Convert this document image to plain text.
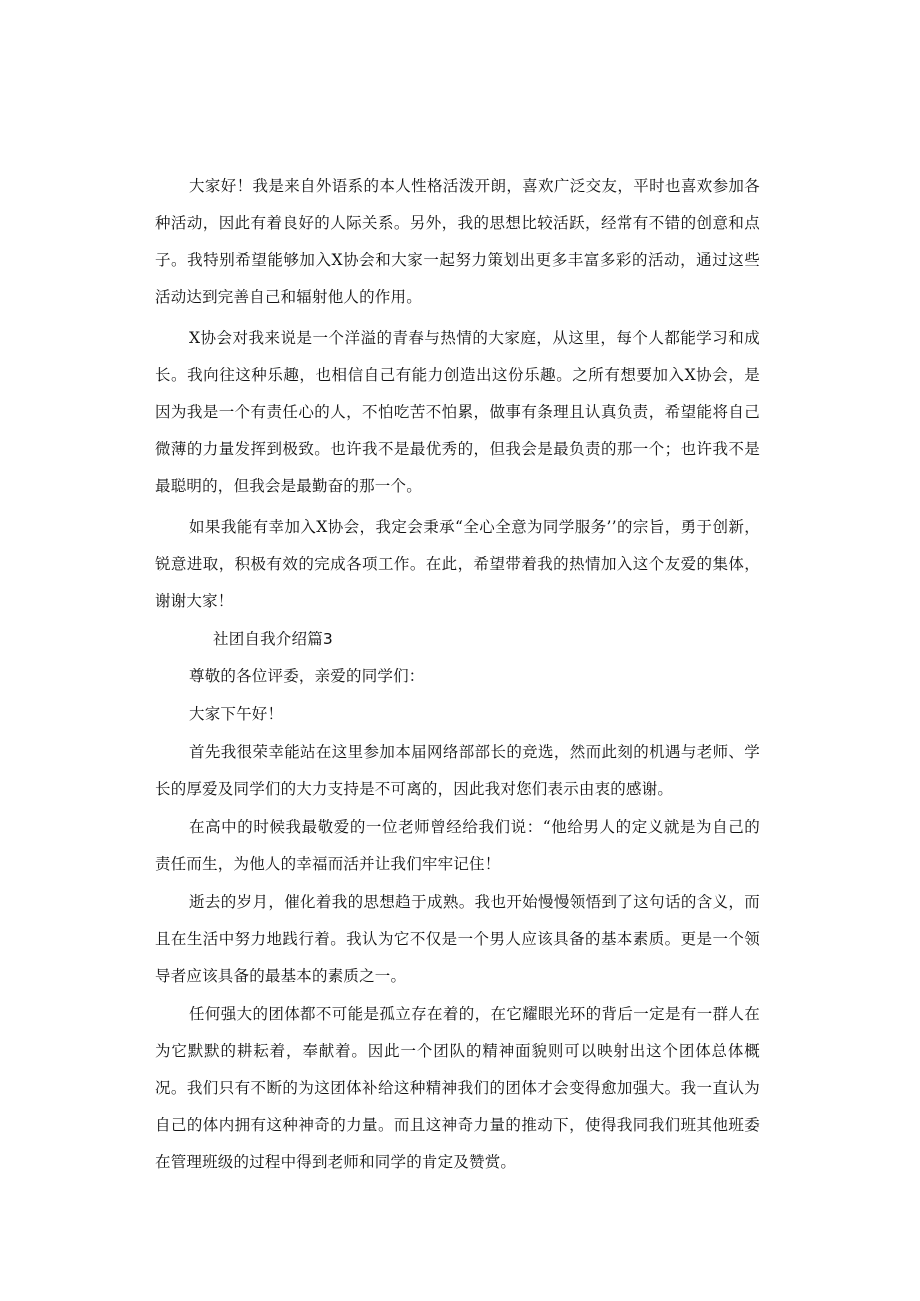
大家好！我是来自外语系的本人性格活泼开朗，喜欢广泛交友，平时也喜欢参加各种活动，因此有着良好的人际关系。另外，我的思想比较活跃，经常有不错的创意和点子。我特别希望能够加入X协会和大家一起努力策划出更多丰富多彩的活动，通过这些活动达到完善自己和辐射他人的作用。

X协会对我来说是一个洋溢的青春与热情的大家庭，从这里，每个人都能学习和成长。我向往这种乐趣，也相信自己有能力创造出这份乐趣。之所有想要加入X协会，是因为我是一个有责任心的人，不怕吃苦不怕累，做事有条理且认真负责，希望能将自己微薄的力量发挥到极致。也许我不是最优秀的，但我会是最负责的那一个；也许我不是最聪明的，但我会是最勤奋的那一个。

如果我能有幸加入X协会，我定会秉承“全心全意为同学服务’’的宗旨，勇于创新，锐意进取，积极有效的完成各项工作。在此，希望带着我的热情加入这个友爱的集体，谢谢大家！

社团自我介绍篇3

尊敬的各位评委，亲爱的同学们：

大家下午好！

首先我很荣幸能站在这里参加本届网络部部长的竞选，然而此刻的机遇与老师、学长的厚爱及同学们的大力支持是不可离的，因此我对您们表示由衷的感谢。

在高中的时候我最敬爱的一位老师曾经给我们说：“他给男人的定义就是为自己的责任而生，为他人的幸福而活并让我们牢牢记住！

逝去的岁月，催化着我的思想趋于成熟。我也开始慢慢领悟到了这句话的含义，而且在生活中努力地践行着。我认为它不仅是一个男人应该具备的基本素质。更是一个领导者应该具备的最基本的素质之一。

任何强大的团体都不可能是孤立存在着的，在它耀眼光环的背后一定是有一群人在为它默默的耕耘着，奉献着。因此一个团队的精神面貌则可以映射出这个团体总体概况。我们只有不断的为这团体补给这种精神我们的团体才会变得愈加强大。我一直认为自己的体内拥有这种神奇的力量。而且这神奇力量的推动下，使得我同我们班其他班委在管理班级的过程中得到老师和同学的肯定及赞赏。
